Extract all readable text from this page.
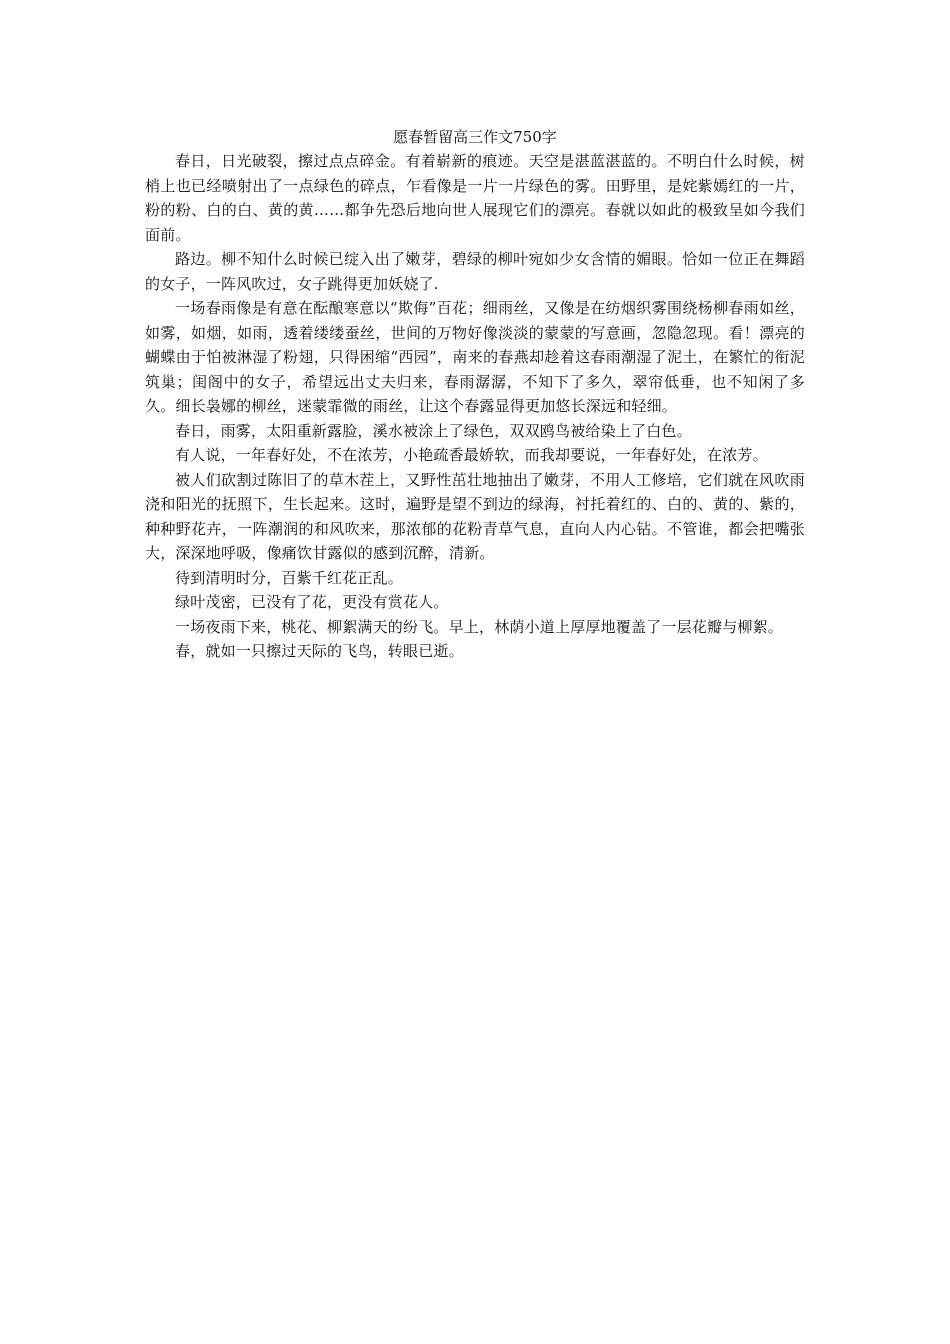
愿春暂留高三作文750字

春日，日光破裂，擦过点点碎金。有着崭新的痕迹。天空是湛蓝湛蓝的。不明白什么时候，树梢上也已经喷射出了一点绿色的碎点，乍看像是一片一片绿色的雾。田野里，是姹紫嫣红的一片，粉的粉、白的白、黄的黄……都争先恐后地向世人展现它们的漂亮。春就以如此的极致呈如今我们面前。

路边。柳不知什么时候已绽入出了嫩芽，碧绿的柳叶宛如少女含情的媚眼。恰如一位正在舞蹈的女子，一阵风吹过，女子跳得更加妖娆了.

一场春雨像是有意在酝酿寒意以“欺侮”百花；细雨丝，又像是在纺烟织雾围绕杨柳春雨如丝，如雾，如烟，如雨，透着缕缕蚕丝，世间的万物好像淡淡的蒙蒙的写意画，忽隐忽现。看！漂亮的蝴蝶由于怕被淋湿了粉翅，只得困缩“西园”，南来的春燕却趁着这春雨潮湿了泥土，在繁忙的衔泥筑巢；闺阁中的女子，希望远出丈夫归来，春雨潺潺，不知下了多久，翠帘低垂，也不知闲了多久。细长袅娜的柳丝，迷蒙霏微的雨丝，让这个春露显得更加悠长深远和轻细。

春日，雨雾，太阳重新露脸，溪水被涂上了绿色，双双鸥鸟被给染上了白色。

有人说，一年春好处，不在浓芳，小艳疏香最娇软，而我却要说，一年春好处，在浓芳。

被人们砍割过陈旧了的草木茬上，又野性茁壮地抽出了嫩芽，不用人工修培，它们就在风吹雨浇和阳光的抚照下，生长起来。这时，遍野是望不到边的绿海，衬托着红的、白的、黄的、紫的，种种野花卉，一阵潮润的和风吹来，那浓郁的花粉青草气息，直向人内心钻。不管谁，都会把嘴张大，深深地呼吸，像痛饮甘露似的感到沉醉，清新。

待到清明时分，百紫千红花正乱。

绿叶茂密，已没有了花，更没有赏花人。

一场夜雨下来，桃花、柳絮满天的纷飞。早上，林荫小道上厚厚地覆盖了一层花瓣与柳絮。

春，就如一只擦过天际的飞鸟，转眼已逝。
